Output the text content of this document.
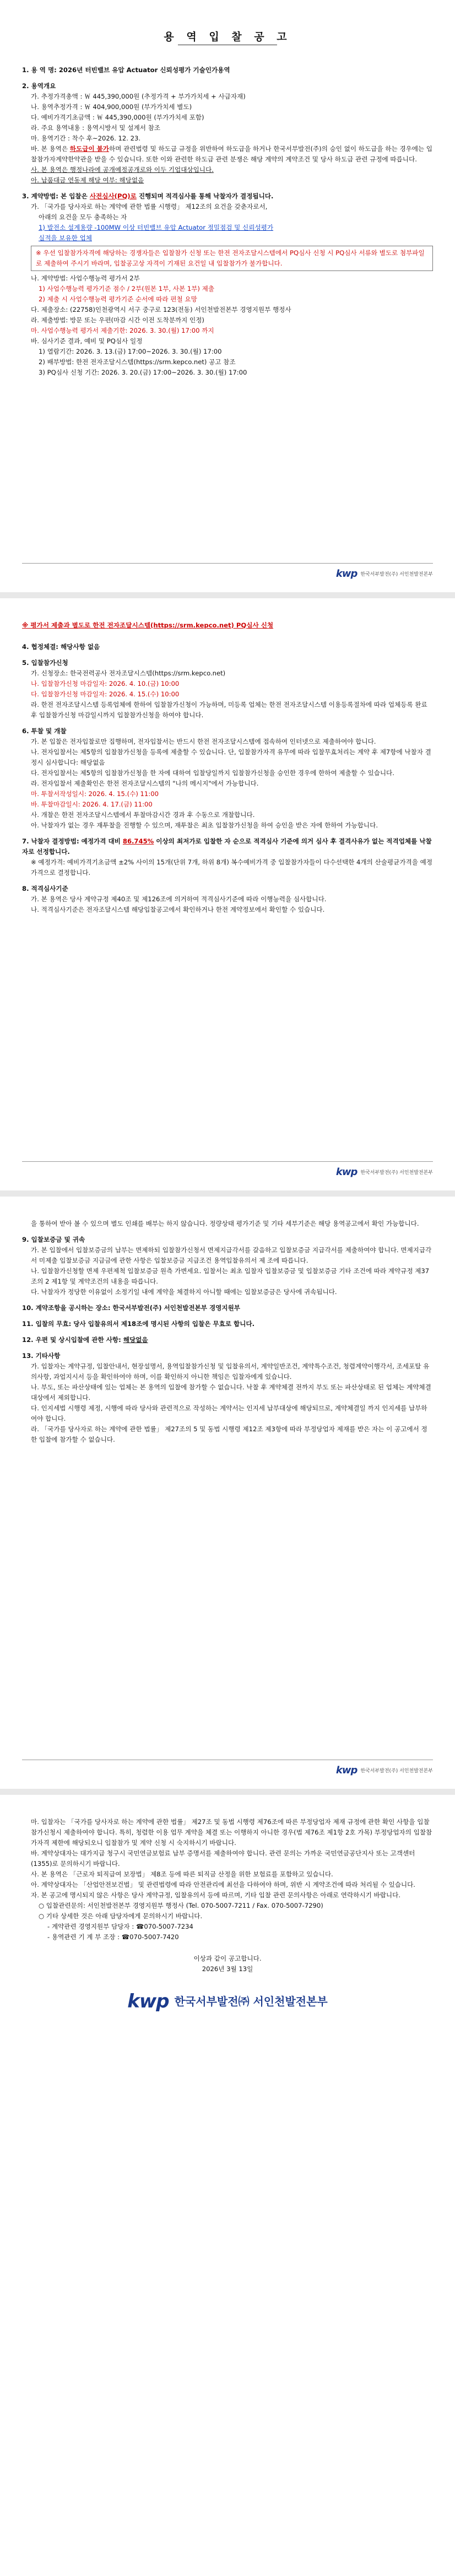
용 역 입 찰 공 고

1. 용 역 명: 2026년 터빈밸브 유압 Actuator 신뢰성평가 기술인가용역

2. 용역개요

가. 추정가격총액 : ￦ 445,390,000원 (추정가격 + 부가가치세 + 사급자재)

나. 용역추정가격 : ￦ 404,900,000원 (부가가치세 별도)

다. 예비가격기초금액 : ￦ 445,390,000원 (부가가치세 포함)

라. 주요 용역내용 : 용역시방서 및 설계서 참조

마. 용역기간 : 착수 후~2026. 12. 23.

바. 본 용역은 하도급이 불가하며 관련법령 및 하도급 규정을 위반하여 하도급을 하거나 한국서부발전(주)의 승인 없이 하도급을 하는 경우에는 입찰참가자계약한약관을 받을 수 있습니다. 또한 이와 관련한 하도급 관련 분쟁은 해당 계약의 계약조건 및 당사 하도급 관련 규정에 따릅니다.

사. 본 용역은 행정나라에 공개예정공개로와 이두 기업대상입니다.

아. 납품대금 연동제 해당 여부: 해당없음

3. 계약방법: 본 입찰은 사전심사(PQ)로 진행되며 적격심사를 통해 낙찰자가 결정됩니다.

가. 「국가를 당사자로 하는 계약에 관한 법률 시행령」 제12조의 요건을 갖춘자로서,

아래의 요건을 모두 충족하는 자

1) 발전소 설계용량 -100MW 이상 터빈밸브 유압 Actuator 정밀점검 및 신뢰성평가

실적을 보유한 업체

※ 우선 입찰참가자격에 해당하는 경쟁자들은 입찰참가 신청 또는 한전 전자조달시스템에서 PQ심사 신청 시 PQ심사 서류와 별도로 첨부파일로 제출하여 주시기 바라며, 입찰공고상 자격이 기재된 요건일 내 입찰참가가 불가합니다.

나. 계약방법: 사업수행능력 평가서 2부

1) 사업수행능력 평가기준 점수 / 2부(원본 1부, 사본 1부) 제출

2) 제출 시 사업수행능력 평가기준 순서에 따라 편철 요망

다. 제출장소: (22758)인천광역시 서구 중구로 123(전동) 서인천발전본부 경영지원부 행정사

라. 제출방법: 방문 또는 우편(마감 시간 이전 도착분까지 인정)

마. 사업수행능력 평가서 제출기한: 2026. 3. 30.(월) 17:00 까지

바. 심사기준 결과, 예비 및 PQ심사 일정

1) 열람기간: 2026. 3. 13.(금) 17:00~2026. 3. 30.(월) 17:00

2) 배부방법: 한전 전자조달시스템(https://srm.kepco.net) 공고 참조

3) PQ심사 신청 기간: 2026. 3. 20.(금) 17:00~2026. 3. 30.(월) 17:00

kwp 한국서부발전(주) 서인천발전본부

※ 평가서 제출과 별도로 한전 전자조달시스템(https://srm.kepco.net) PQ심사 신청

4. 협정체결: 해당사항 없음

5. 입찰참가신청

가. 신청장소: 한국전력공사 전자조달시스템(https://srm.kepco.net)

나. 입찰참가신청 마감일자: 2026. 4. 10.(금) 10:00

다. 입찰참가신청 마감일자: 2026. 4. 15.(수) 10:00

라. 한전 전자조달시스템 등록업체에 한하여 입찰참가신청이 가능하며, 미등록 업체는 한전 전자조달시스템 이용등록절차에 따라 업체등록 완료 후 입찰참가신청 마감일시까지 입찰참가신청을 하여야 합니다.

6. 투찰 및 개찰

가. 본 입찰은 전자입찰로만 집행하며, 전자입찰서는 반드시 한전 전자조달시스템에 접속하여 인터넷으로 제출하여야 합니다.

나. 전자입찰서는 제5항의 입찰참가신청을 등록에 제출할 수 있습니다. 단, 입찰참가자격 유무에 따라 입찰무효처리는 계약 후 제7항에 낙찰자 결정시 심사합니다: 해당없음

다. 전자입찰서는 제5항의 입찰참가신청을 한 자에 대하여 입찰당일까지 입찰참가신청을 승인한 경우에 한하여 제출할 수 있습니다.

라. 전자입찰서 제출확인은 한전 전자조달시스템의 "나의 메시지"에서 가능합니다.

마. 투찰서작성일시: 2026. 4. 15.(수) 11:00

바. 투찰마감일시: 2026. 4. 17.(금) 11:00

사. 개찰은 한전 전자조달시스템에서 투찰마감시간 경과 후 수동으로 개찰합니다.

아. 낙찰자가 없는 경우 재투찰을 진행할 수 있으며, 재투찰은 최초 입찰참가신청을 하여 승인을 받은 자에 한하여 가능합니다.

7. 낙찰자 결정방법: 예정가격 대비 86.745% 이상의 최저가로 입찰한 자 순으로 적격심사 기준에 의거 심사 후 결격사유가 없는 적격업체를 낙찰자로 선정합니다.

※ 예정가격: 예비가격기초금액 ±2% 사이의 15개(단위 7개, 하위 8개) 복수예비가격 중 입찰참가자들이 다수선택한 4개의 산술평균가격을 예정가격으로 결정합니다.

8. 적격심사기준

가. 본 용역은 당사 계약규정 제40조 및 제126조에 의거하여 적격심사기준에 따라 이행능력을 심사합니다.

나. 적격심사기준은 전자조달시스템 해당입찰공고에서 확인하거나 한전 계약정보에서 확인할 수 있습니다.

kwp 한국서부발전(주) 서인천발전본부

을 통하여 받아 볼 수 있으며 별도 인쇄를 배부는 하지 않습니다. 정량상태 평가기준 및 기타 세부기준은 해당 용역공고에서 확인 가능합니다.

9. 입찰보증금 및 귀속

가. 본 입찰에서 입찰보증금의 납부는 면제하되 입찰참가신청서 면제지급각서를 갈음하고 입찰보증금 지급각서를 제출하여야 합니다. 면제지급각서 미제출 입찰보증금 지급금에 관한 사항은 입찰보증금 지급조건 용역입찰유의서 제 조에 따릅니다.

나. 입찰참가신청할 면제 우편제척 입찰보증금 원측 가변세요. 입찰서는 최초 입찰자 입찰보증금 및 입찰보증금 기타 조건에 따라 계약규정 제37조의 2 제1항 및 계약조건의 내용을 따릅니다.

다. 낙찰자가 정당한 이유없이 소정기일 내에 계약을 체결하지 아니할 때에는 입찰보증금은 당사에 귀속됩니다.

10. 계약조항을 공시하는 장소: 한국서부발전(주) 서인천발전본부 경영지원부

11. 입찰의 무효: 당사 입찰유의서 제18조에 명시된 사항의 입찰은 무효로 합니다.

12. 우편 및 상시입찰에 관한 사항: 해당없음

13. 기타사항

가. 입찰자는 계약규정, 입찰안내서, 현장설명서, 용역입찰참가신청 및 입찰유의서, 계약일반조건, 계약특수조건, 청렴계약이행각서, 조세포탈 유의사항, 과업지시서 등을 확인하여야 하며, 이를 확인하지 아니한 책임은 입찰자에게 있습니다.

나. 부도, 또는 파산상태에 있는 업체는 본 용역의 입찰에 참가할 수 없습니다. 낙찰 후 계약체결 전까지 부도 또는 파산상태로 된 업체는 계약체결 대상에서 제외합니다.

다. 인지세법 시행령 제정, 시행에 따라 당사와 관련적으로 작성하는 계약서는 인지세 납부대상에 해당되므로, 계약체결일 까지 인지세를 납부하여야 합니다.

라. 「국가를 당사자로 하는 계약에 관한 법률」 제27조의 5 및 동법 시행령 제12조 제3항에 따라 부정당업자 제재를 받은 자는 이 공고에서 정한 입찰에 참가할 수 없습니다.

kwp 한국서부발전(주) 서인천발전본부

마. 입찰자는 「국가를 당사자로 하는 계약에 관한 법률」 제27조 및 동법 시행령 제76조에 따른 부정당업자 제재 규정에 관한 확인 사항을 입찰참가신청시 제출하여야 합니다. 특히, 청렴한 이용 업무 계약을 체결 또는 이행하지 아니한 경우(법 제76조 제1항 2호 가목) 부정당업자의 입찰참가자격 제한에 해당되오니 입찰참가 및 계약 신청 시 숙지하시기 바랍니다.

바. 계약상대자는 대가지급 청구시 국민연금보험료 납부 증명서를 제출하여야 합니다. 관련 문의는 가까운 국민연금공단지사 또는 고객센터(1355)로 문의하시기 바랍니다.

사. 본 용역은 「근로자 퇴직급여 보장법」 제8조 등에 따른 퇴직금 산정을 위한 보험료를 포함하고 있습니다.

아. 계약상대자는 「산업안전보건법」 및 관련법령에 따라 안전관리에 최선을 다하여야 하며, 위반 시 계약조건에 따라 처리될 수 있습니다.

자. 본 공고에 명시되지 않은 사항은 당사 계약규정, 입찰유의서 등에 따르며, 기타 입찰 관련 문의사항은 아래로 연락하시기 바랍니다.

○ 입찰관련문의: 서인천발전본부 경영지원부 행정사 (Tel. 070-5007-7211 / Fax. 070-5007-7290)

○ 기타 상세한 것은 아래 담당자에게 문의하시기 바랍니다.

- 계약관련 경영지원부 담당자 : ☎070-5007-7234

- 용역관련 기 계 부 조장 : ☎070-5007-7420

이상과 같이 공고합니다.

2026년 3월 13일

kwp 한국서부발전㈜ 서인천발전본부
